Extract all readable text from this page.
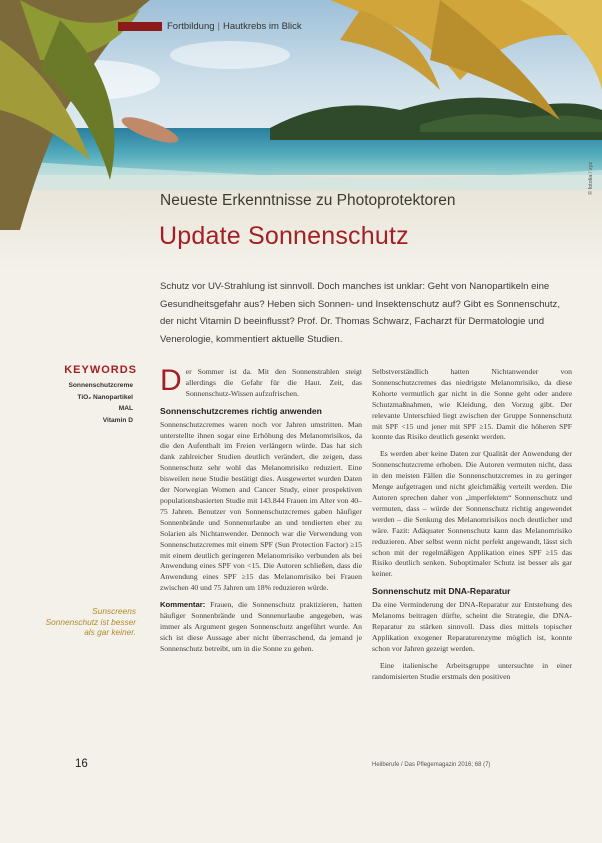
Fortbildung | Hautkrebs im Blick
© fotolia / xyz
Neueste Erkenntnisse zu Photoprotektoren
Update Sonnenschutz
Schutz vor UV-Strahlung ist sinnvoll. Doch manches ist unklar: Geht von Nanopartikeln eine Gesundheitsgefahr aus? Heben sich Sonnen- und Insektenschutz auf? Gibt es Sonnenschutz, der nicht Vitamin D beeinflusst? Prof. Dr. Thomas Schwarz, Facharzt für Dermatologie und Venerologie, kommentiert aktuelle Studien.
KEYWORDS
Sonnenschutzcreme
TiO₂ Nanopartikel
MAL
Vitamin D
Sunscreens Sonnenschutz ist besser als gar keiner.

Der Sommer ist da. Mit den Sonnenstrahlen steigt allerdings die Gefahr für die Haut. Zeit, das Sonnenschutz-Wissen aufzufrischen.

Sonnenschutzcremes richtig anwenden

Sonnenschutzcremes waren noch vor Jahren umstritten. Man unterstellte ihnen sogar eine Erhöhung des Melanomrisikos, da die den Aufenthalt im Freien verlängern würde. Das hat sich dank zahlreicher Studien deutlich verändert, die zeigen, dass Sonnenschutz sehr wohl das Melanomrisiko reduziert. Eine bisweilen neue Studie bestätigt dies. Ausgewertet wurden Daten der Norwegian Women and Cancer Study, einer prospektiven populationsbasierten Studie mit 143.844 Frauen im Alter von 40–75 Jahren. Benutzer von Sonnenschutzcremes gaben häufiger Sonnenbrände und Sonnenurlaube an und tendierten eher zu Solarien als Nichtanwender. Dennoch war die Verwendung von Sonnenschutzcremes mit einem SPF (Sun Protection Factor) ≥15 mit einem deutlich geringeren Melanomrisiko verbunden als bei Anwendung eines SPF von <15. Die Autoren schließen, dass die Anwendung eines SPF ≥15 das Melanomrisiko bei Frauen zwischen 40 und 75 Jahren um 18% reduzieren würde.

Kommentar: Frauen, die Sonnenschutz praktizieren, hatten häufiger Sonnenbrände und Sonnenurlaube angegeben, was immer als Argument gegen Sonnenschutz angeführt wurde. An sich ist diese Aussage aber nicht überraschend, da jemand je Sonnenschutz betreibt, um in die Sonne zu gehen.

Selbstverständlich hatten Nichtanwender von Sonnenschutzcremes das niedrigste Melanomrisiko, da diese Kohorte vermutlich gar nicht in die Sonne geht oder andere Schutzmaßnahmen, wie Kleidung, den Vorzug gibt. Der relevante Unterschied liegt zwischen der Gruppe Sonnenschutz mit SPF <15 und jener mit SPF ≥15. Damit die höheren SPF konnte das Risiko deutlich gesenkt werden.

Es werden aber keine Daten zur Qualität der Anwendung der Sonnenschutzcreme erhoben. Die Autoren vermuten nicht, dass in den meisten Fällen die Sonnenschutzcremes in zu geringer Menge aufgetragen und nicht gleichmäßig verteilt werden. Die Autoren sprechen daher von „imperfektem“ Sonnenschutz und vermuten, dass – würde der Sonnenschutz richtig angewendet werden – die Senkung des Melanomrisikos noch deutlicher und wäre. Fazit: Adäquater Sonnenschutz kann das Melanomrisiko reduzieren. Aber selbst wenn nicht perfekt angewandt, lässt sich schon mit der regelmäßigen Applikation eines SPF ≥15 das Risiko deutlich senken. Suboptimaler Schutz ist besser als gar keiner.

Sonnenschutz mit DNA-Reparatur

Da eine Verminderung der DNA-Reparatur zur Entstehung des Melanoms beitragen dürfte, scheint die Strategie, die DNA-Reparatur zu stärken sinnvoll. Dass dies mittels topischer Applikation exogener Reparaturenzyme möglich ist, konnte schon vor Jahren gezeigt werden.

Eine italienische Arbeitsgruppe untersuchte in einer randomisierten Studie erstmals den positiven

16	Heilberufe / Das Pflegemagazin 2016; 68 (7)
